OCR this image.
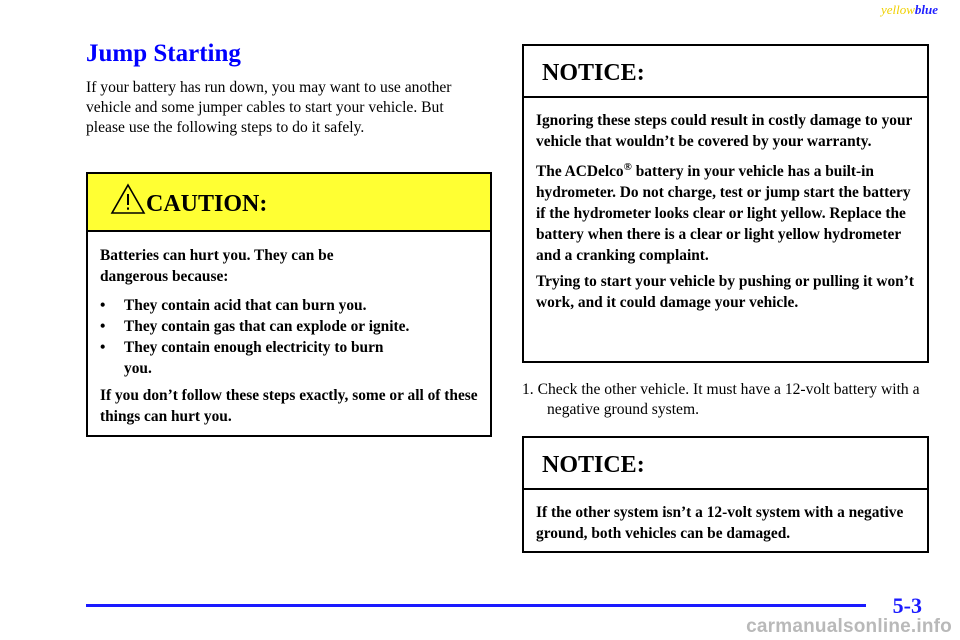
yellowblue
Jump Starting

If your battery has run down, you may want to use another vehicle and some jumper cables to start your vehicle. But please use the following steps to do it safely.

CAUTION:

Batteries can hurt you. They can be dangerous because:

• They contain acid that can burn you.
• They contain gas that can explode or ignite.
• They contain enough electricity to burn you.

If you don’t follow these steps exactly, some or all of these things can hurt you.

NOTICE:

Ignoring these steps could result in costly damage to your vehicle that wouldn’t be covered by your warranty.

The ACDelco® battery in your vehicle has a built-in hydrometer. Do not charge, test or jump start the battery if the hydrometer looks clear or light yellow. Replace the battery when there is a clear or light yellow hydrometer and a cranking complaint.

Trying to start your vehicle by pushing or pulling it won’t work, and it could damage your vehicle.

1. Check the other vehicle. It must have a 12-volt battery with a negative ground system.

NOTICE:

If the other system isn’t a 12-volt system with a negative ground, both vehicles can be damaged.

5-3
carmanualsonline.info
